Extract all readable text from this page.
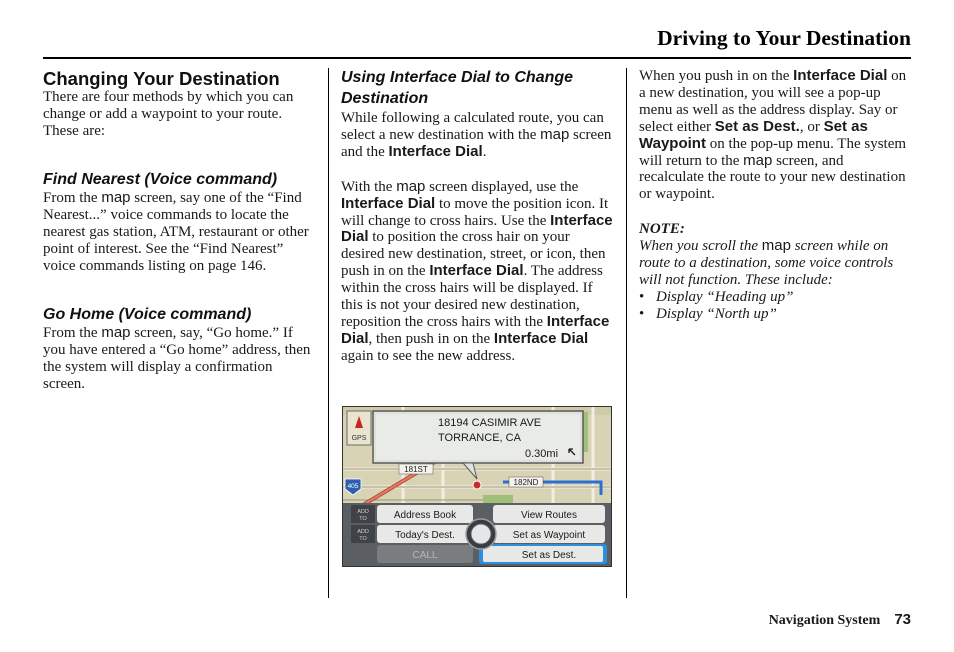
Driving to Your Destination
Changing Your Destination

There are four methods by which you can change or add a waypoint to your route. These are:

Find Nearest (Voice command)

From the map screen, say one of the “Find Nearest...” voice commands to locate the nearest gas station, ATM, restaurant or other point of interest. See the “Find Nearest” voice commands listing on page 146.

Go Home (Voice command)

From the map screen, say, “Go home.” If you have entered a “Go home” address, then the system will display a confirmation screen.

Using Interface Dial to Change Destination

While following a calculated route, you can select a new destination with the map screen and the Interface Dial.

With the map screen displayed, use the Interface Dial to move the position icon. It will change to cross hairs. Use the Interface Dial to position the cross hair on your desired new destination, street, or icon, then push in on the Interface Dial. The address within the cross hairs will be displayed. If this is not your desired new destination, reposition the cross hairs with the Interface Dial, then push in on the Interface Dial again to see the new address.

GPS
181ST
182ND
405
18194 CASIMIR AVE
TORRANCE, CA
0.30mi
ADD
TO	Address Book	View Routes
ADD
TO	Today's Dest.	Set as Waypoint
CALL	Set as Dest.

When you push in on the Interface Dial on a new destination, you will see a pop-up menu as well as the address display. Say or select either Set as Dest., or Set as Waypoint on the pop-up menu. The system will return to the map screen, and recalculate the route to your new destination or waypoint.

NOTE:

When you scroll the map screen while on route to a destination, some voice controls will not function. These include:

• Display “Heading up”
• Display “North up”
Navigation System 73
